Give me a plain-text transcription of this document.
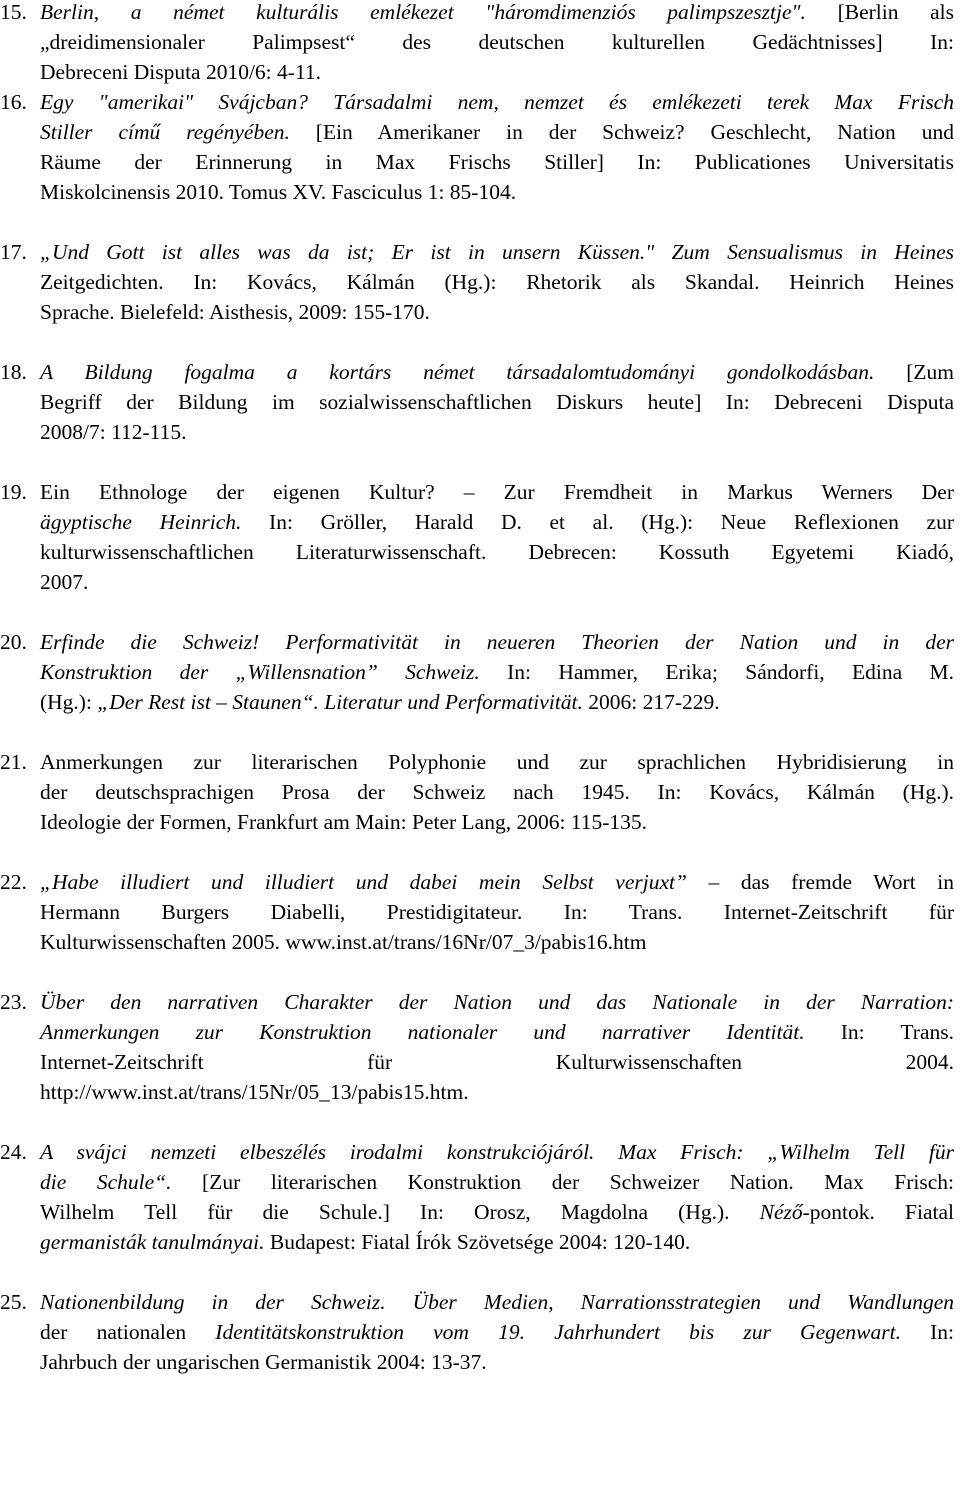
15. Berlin, a német kulturális emlékezet "háromdimenziós palimpszesztje". [Berlin als
„dreidimensionaler Palimpsest“ des deutschen kulturellen Gedächtnisses] In:
Debreceni Disputa 2010/6: 4-11.
16. Egy "amerikai" Svájcban? Társadalmi nem, nemzet és emlékezeti terek Max Frisch
Stiller című regényében. [Ein Amerikaner in der Schweiz? Geschlecht, Nation und
Räume der Erinnerung in Max Frischs Stiller] In: Publicationes Universitatis
Miskolcinensis 2010. Tomus XV. Fasciculus 1: 85-104.
17. „Und Gott ist alles was da ist; Er ist in unsern Küssen." Zum Sensualismus in Heines
Zeitgedichten. In: Kovács, Kálmán (Hg.): Rhetorik als Skandal. Heinrich Heines
Sprache. Bielefeld: Aisthesis, 2009: 155-170.
18. A Bildung fogalma a kortárs német társadalomtudományi gondolkodásban. [Zum
Begriff der Bildung im sozialwissenschaftlichen Diskurs heute] In: Debreceni Disputa
2008/7: 112-115.
19. Ein Ethnologe der eigenen Kultur? – Zur Fremdheit in Markus Werners Der
ägyptische Heinrich. In: Gröller, Harald D. et al. (Hg.): Neue Reflexionen zur
kulturwissenschaftlichen Literaturwissenschaft. Debrecen: Kossuth Egyetemi Kiadó,
2007.
20. Erfinde die Schweiz! Performativität in neueren Theorien der Nation und in der
Konstruktion der „Willensnation” Schweiz. In: Hammer, Erika; Sándorfi, Edina M.
(Hg.): „Der Rest ist – Staunen“. Literatur und Performativität. 2006: 217-229.
21. Anmerkungen zur literarischen Polyphonie und zur sprachlichen Hybridisierung in
der deutschsprachigen Prosa der Schweiz nach 1945. In: Kovács, Kálmán (Hg.).
Ideologie der Formen, Frankfurt am Main: Peter Lang, 2006: 115-135.
22. „Habe illudiert und illudiert und dabei mein Selbst verjuxt” – das fremde Wort in
Hermann Burgers Diabelli, Prestidigitateur. In: Trans. Internet-Zeitschrift für
Kulturwissenschaften 2005. www.inst.at/trans/16Nr/07_3/pabis16.htm
23. Über den narrativen Charakter der Nation und das Nationale in der Narration:
Anmerkungen zur Konstruktion nationaler und narrativer Identität. In: Trans.
Internet-Zeitschrift für Kulturwissenschaften 2004.
http://www.inst.at/trans/15Nr/05_13/pabis15.htm.
24. A svájci nemzeti elbeszélés irodalmi konstrukciójáról. Max Frisch: „Wilhelm Tell für
die Schule“. [Zur literarischen Konstruktion der Schweizer Nation. Max Frisch:
Wilhelm Tell für die Schule.] In: Orosz, Magdolna (Hg.). Néző-pontok. Fiatal
germanisták tanulmányai. Budapest: Fiatal Írók Szövetsége 2004: 120-140.
25. Nationenbildung in der Schweiz. Über Medien, Narrationsstrategien und Wandlungen
der nationalen Identitätskonstruktion vom 19. Jahrhundert bis zur Gegenwart. In:
Jahrbuch der ungarischen Germanistik 2004: 13-37.
